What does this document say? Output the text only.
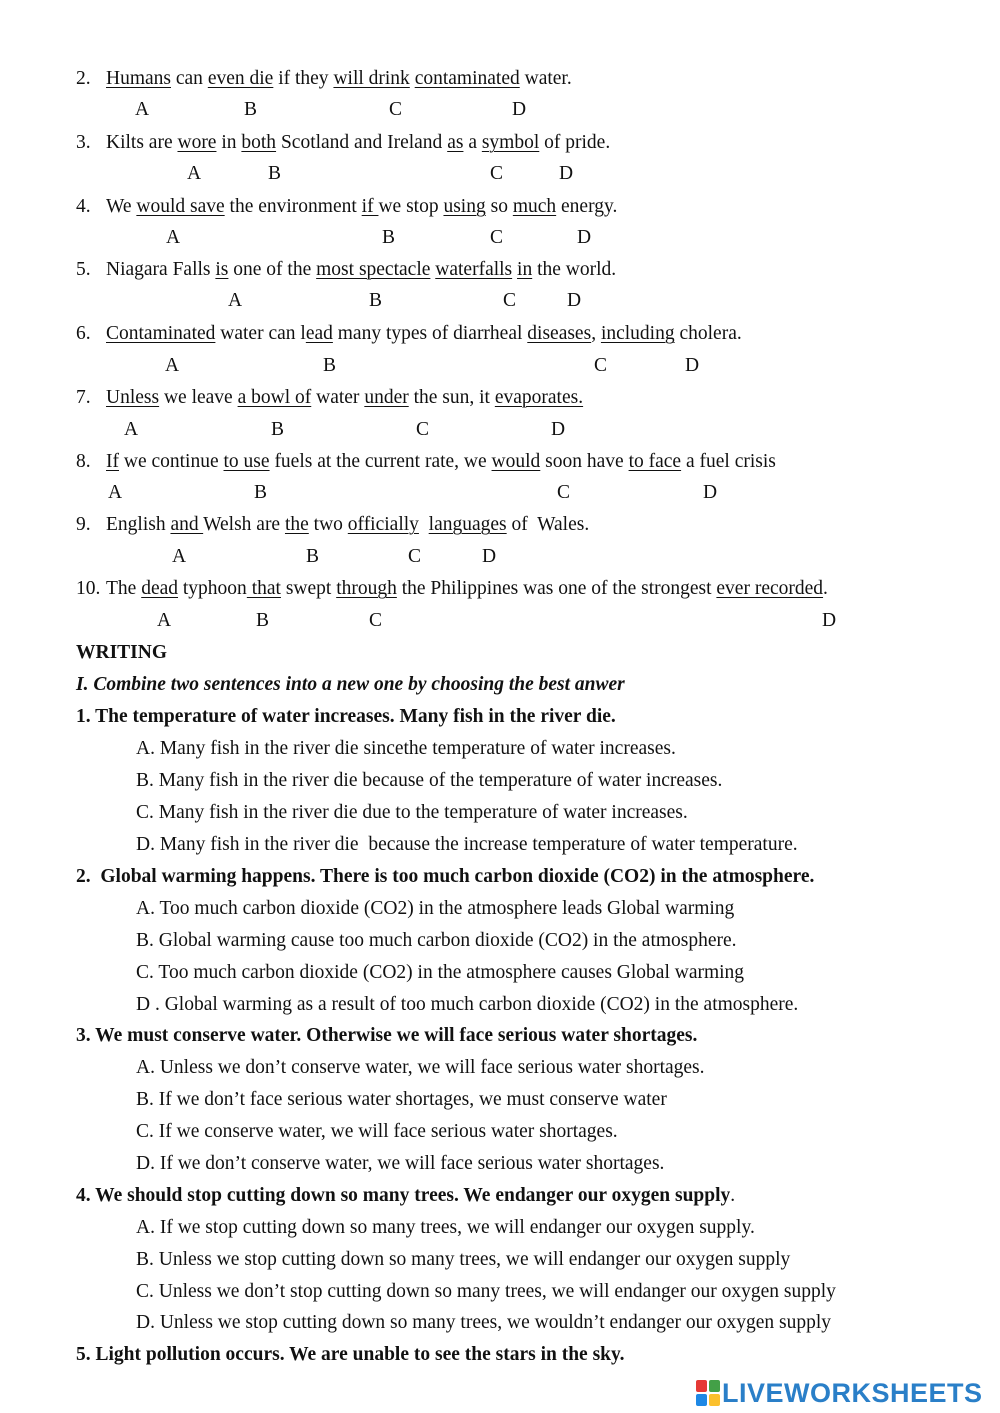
2. Humans can even die if they will drink contaminated water.
A	B	C	D
3. Kilts are wore in both Scotland and Ireland as a symbol of pride.
A	B	C	D
4. We would save the environment if we stop using so much energy.
A	B	C	D
5. Niagara Falls is one of the most spectacle waterfalls in the world.
A	B	C	D
6. Contaminated water can lead many types of diarrheal diseases, including cholera.
A	B	C	D
7. Unless we leave a bowl of water under the sun, it evaporates.
A	B	C	D
8. If we continue to use fuels at the current rate, we would soon have to face a fuel crisis
A	B	C	D
9. English and Welsh are the two officially languages of  Wales.
A	B	C	D
10. The dead typhoon that swept through the Philippines was one of the strongest ever recorded.
A	B	C	D
WRITING
I. Combine two sentences into a new one by choosing the best anwer
1. The temperature of water increases. Many fish in the river die.
A. Many fish in the river die sincethe temperature of water increases.
B. Many fish in the river die because of the temperature of water increases.
C. Many fish in the river die due to the temperature of water increases.
D. Many fish in the river die  because the increase temperature of water temperature.
2.  Global warming happens. There is too much carbon dioxide (CO2) in the atmosphere.
A. Too much carbon dioxide (CO2) in the atmosphere leads Global warming
B. Global warming cause too much carbon dioxide (CO2) in the atmosphere.
C. Too much carbon dioxide (CO2) in the atmosphere causes Global warming
D . Global warming as a result of too much carbon dioxide (CO2) in the atmosphere.
3. We must conserve water. Otherwise we will face serious water shortages.
A. Unless we don’t conserve water, we will face serious water shortages.
B. If we don’t face serious water shortages, we must conserve water
C. If we conserve water, we will face serious water shortages.
D. If we don’t conserve water, we will face serious water shortages.
4. We should stop cutting down so many trees. We endanger our oxygen supply.
A. If we stop cutting down so many trees, we will endanger our oxygen supply.
B. Unless we stop cutting down so many trees, we will endanger our oxygen supply
C. Unless we don’t stop cutting down so many trees, we will endanger our oxygen supply
D. Unless we stop cutting down so many trees, we wouldn’t endanger our oxygen supply
5. Light pollution occurs. We are unable to see the stars in the sky.
LIVEWORKSHEETS
